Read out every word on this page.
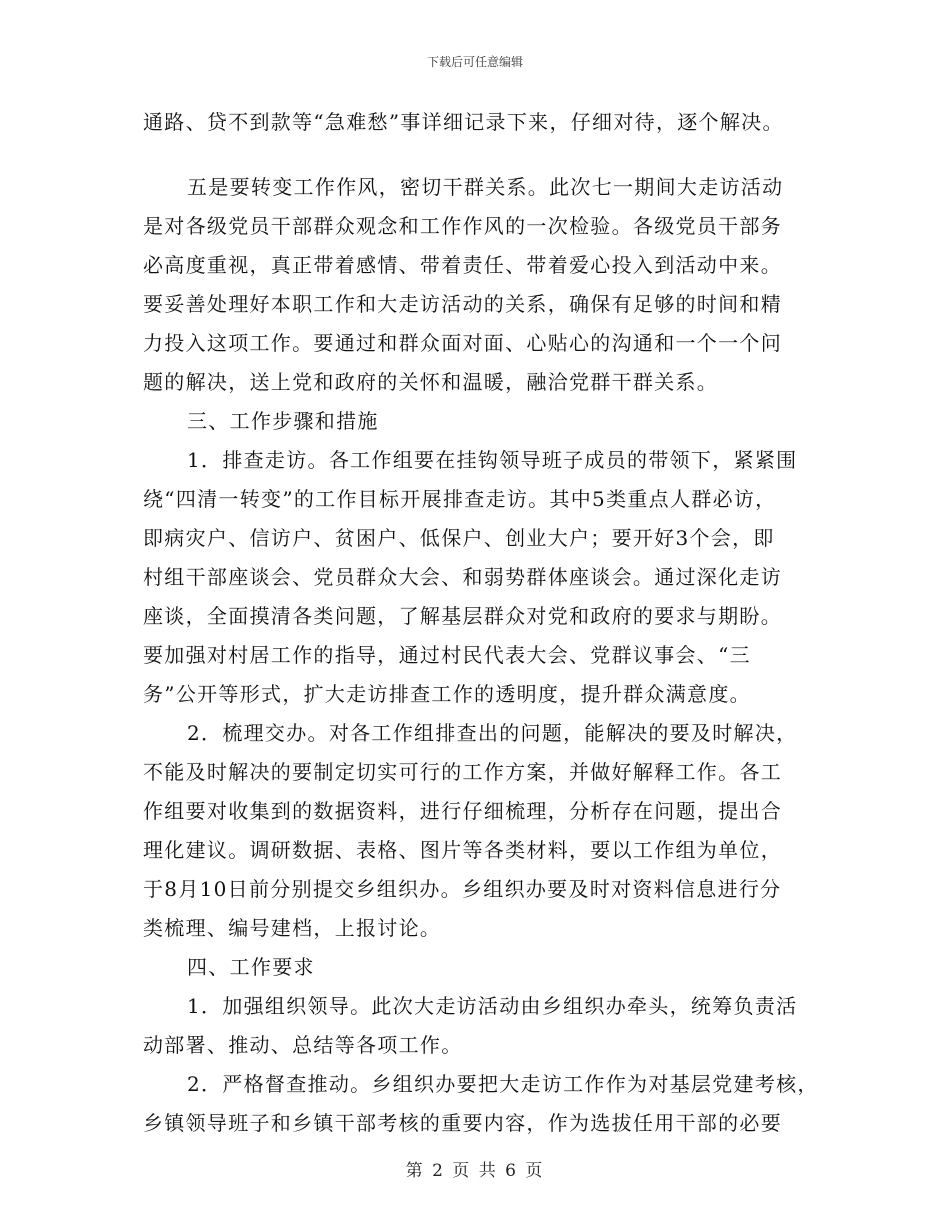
下载后可任意编辑
通路、贷不到款等“急难愁”事详细记录下来，仔细对待，逐个解决。
五是要转变工作作风，密切干群关系。此次七一期间大走访活动
是对各级党员干部群众观念和工作作风的一次检验。各级党员干部务
必高度重视，真正带着感情、带着责任、带着爱心投入到活动中来。
要妥善处理好本职工作和大走访活动的关系，确保有足够的时间和精
力投入这项工作。要通过和群众面对面、心贴心的沟通和一个一个问
题的解决，送上党和政府的关怀和温暖，融洽党群干群关系。
三、工作步骤和措施
1．排查走访。各工作组要在挂钩领导班子成员的带领下，紧紧围
绕“四清一转变”的工作目标开展排查走访。其中5类重点人群必访，
即病灾户、信访户、贫困户、低保户、创业大户；要开好3个会，即
村组干部座谈会、党员群众大会、和弱势群体座谈会。通过深化走访
座谈，全面摸清各类问题，了解基层群众对党和政府的要求与期盼。
要加强对村居工作的指导，通过村民代表大会、党群议事会、“三
务”公开等形式，扩大走访排查工作的透明度，提升群众满意度。
2．梳理交办。对各工作组排查出的问题，能解决的要及时解决，
不能及时解决的要制定切实可行的工作方案，并做好解释工作。各工
作组要对收集到的数据资料，进行仔细梳理，分析存在问题，提出合
理化建议。调研数据、表格、图片等各类材料，要以工作组为单位，
于8月10日前分别提交乡组织办。乡组织办要及时对资料信息进行分
类梳理、编号建档，上报讨论。
四、工作要求
1．加强组织领导。此次大走访活动由乡组织办牵头，统筹负责活
动部署、推动、总结等各项工作。
2．严格督查推动。乡组织办要把大走访工作作为对基层党建考核，
乡镇领导班子和乡镇干部考核的重要内容，作为选拔任用干部的必要
第 2 页 共 6 页
